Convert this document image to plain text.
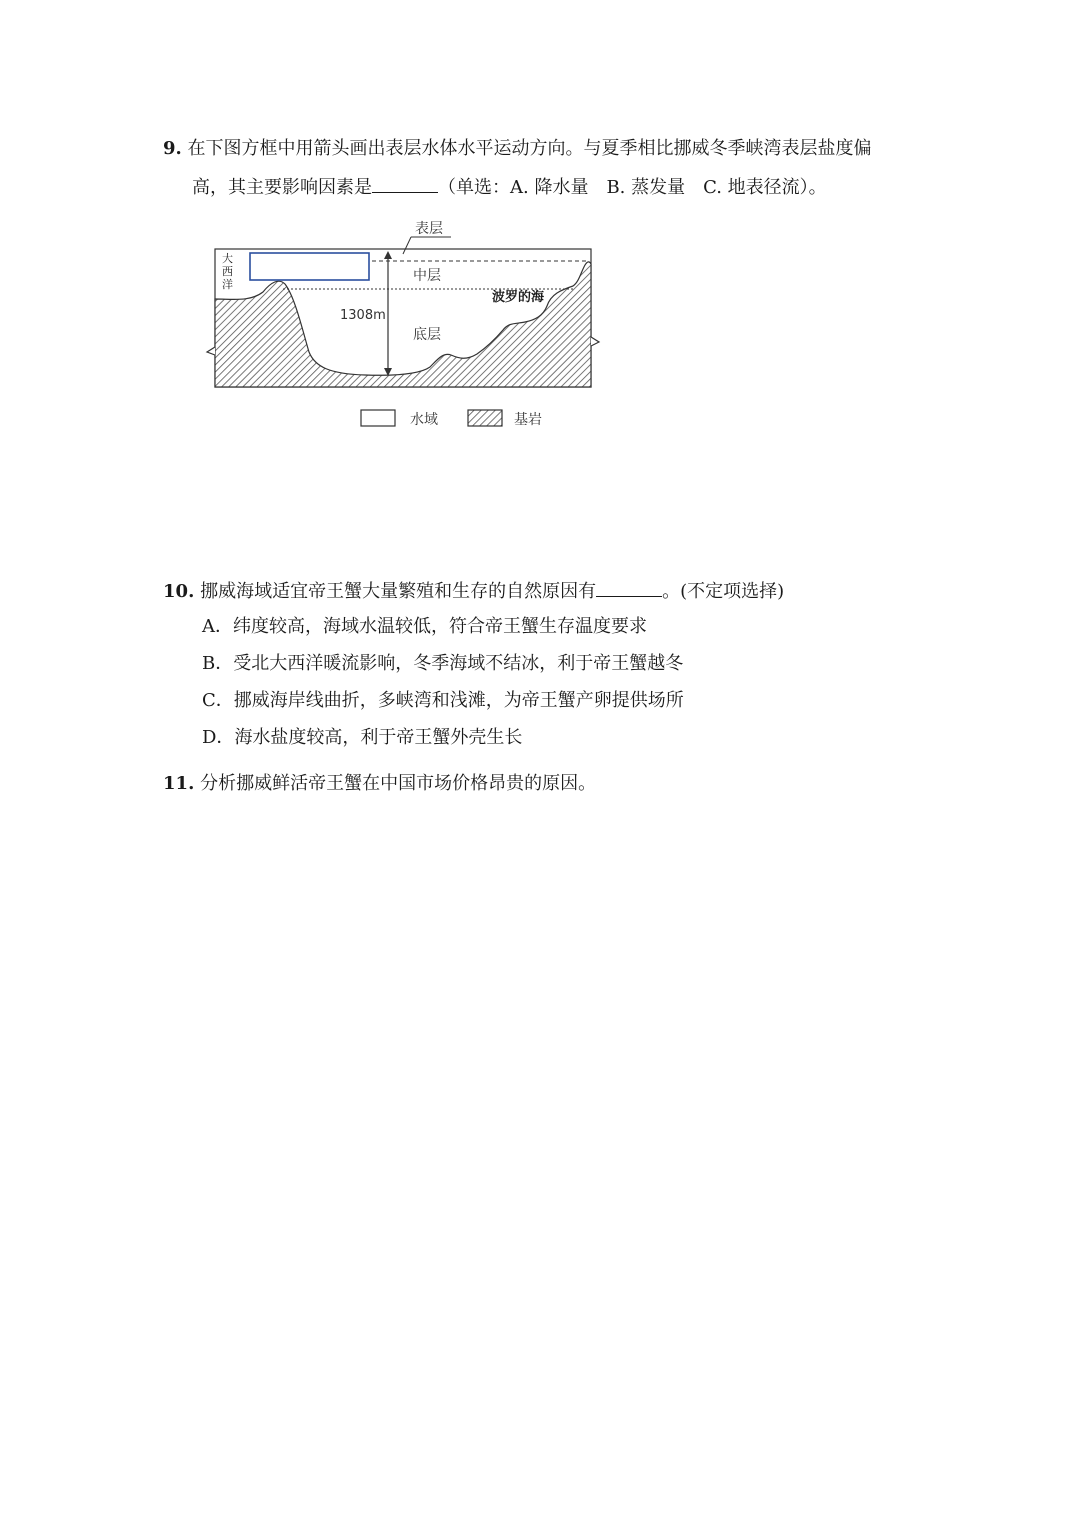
9. 在下图方框中用箭头画出表层水体水平运动方向。与夏季相比挪威冬季峡湾表层盐度偏
高，其主要影响因素是	（单选：A. 降水量　B. 蒸发量　C. 地表径流）。
表层
中层
底层
1308m
波罗的海
大
西
洋
水域	基岩
10. 挪威海域适宜帝王蟹大量繁殖和生存的自然原因有	。(不定项选择)
A．纬度较高，海域水温较低，符合帝王蟹生存温度要求
B．受北大西洋暖流影响，冬季海域不结冰，利于帝王蟹越冬
C．挪威海岸线曲折，多峡湾和浅滩，为帝王蟹产卵提供场所
D．海水盐度较高，利于帝王蟹外壳生长
11. 分析挪威鲜活帝王蟹在中国市场价格昂贵的原因。
